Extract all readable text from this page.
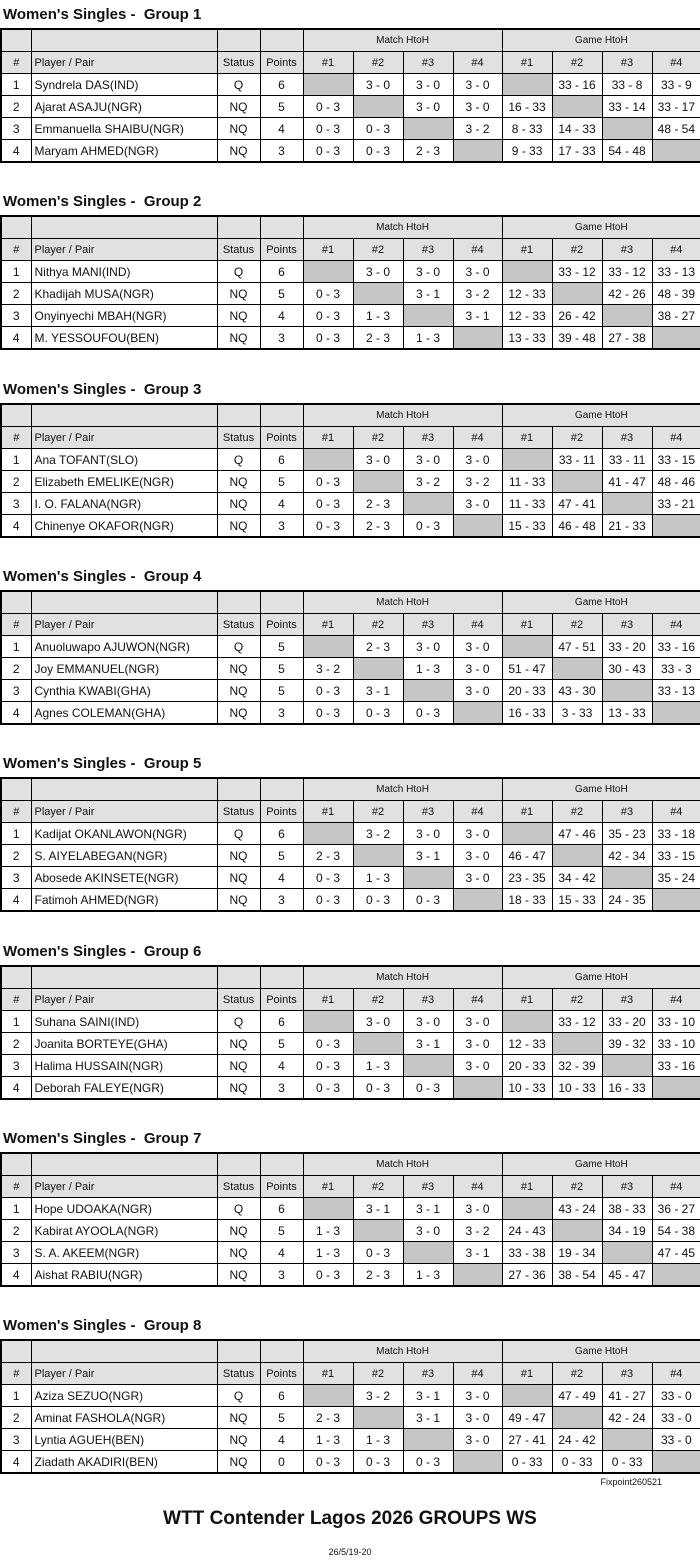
Women's Singles -  Group 1
				Match HtoH				Game HtoH			
#	Player / Pair	Status	Points	#1	#2	#3	#4	#1	#2	#3	#4
1	Syndrela DAS(IND)	Q	6		3 - 0	3 - 0	3 - 0		33 - 16	33 - 8	33 - 9
2	Ajarat ASAJU(NGR)	NQ	5	0 - 3		3 - 0	3 - 0	16 - 33		33 - 14	33 - 17
3	Emmanuella SHAIBU(NGR)	NQ	4	0 - 3	0 - 3		3 - 2	8 - 33	14 - 33		48 - 54
4	Maryam AHMED(NGR)	NQ	3	0 - 3	0 - 3	2 - 3		9 - 33	17 - 33	54 - 48	
Women's Singles -  Group 2
				Match HtoH				Game HtoH			
#	Player / Pair	Status	Points	#1	#2	#3	#4	#1	#2	#3	#4
1	Nithya MANI(IND)	Q	6		3 - 0	3 - 0	3 - 0		33 - 12	33 - 12	33 - 13
2	Khadijah MUSA(NGR)	NQ	5	0 - 3		3 - 1	3 - 2	12 - 33		42 - 26	48 - 39
3	Onyinyechi MBAH(NGR)	NQ	4	0 - 3	1 - 3		3 - 1	12 - 33	26 - 42		38 - 27
4	M. YESSOUFOU(BEN)	NQ	3	0 - 3	2 - 3	1 - 3		13 - 33	39 - 48	27 - 38	
Women's Singles -  Group 3
				Match HtoH				Game HtoH			
#	Player / Pair	Status	Points	#1	#2	#3	#4	#1	#2	#3	#4
1	Ana TOFANT(SLO)	Q	6		3 - 0	3 - 0	3 - 0		33 - 11	33 - 11	33 - 15
2	Elizabeth EMELIKE(NGR)	NQ	5	0 - 3		3 - 2	3 - 2	11 - 33		41 - 47	48 - 46
3	I. O. FALANA(NGR)	NQ	4	0 - 3	2 - 3		3 - 0	11 - 33	47 - 41		33 - 21
4	Chinenye OKAFOR(NGR)	NQ	3	0 - 3	2 - 3	0 - 3		15 - 33	46 - 48	21 - 33	
Women's Singles -  Group 4
				Match HtoH				Game HtoH			
#	Player / Pair	Status	Points	#1	#2	#3	#4	#1	#2	#3	#4
1	Anuoluwapo AJUWON(NGR)	Q	5		2 - 3	3 - 0	3 - 0		47 - 51	33 - 20	33 - 16
2	Joy EMMANUEL(NGR)	NQ	5	3 - 2		1 - 3	3 - 0	51 - 47		30 - 43	33 - 3
3	Cynthia KWABI(GHA)	NQ	5	0 - 3	3 - 1		3 - 0	20 - 33	43 - 30		33 - 13
4	Agnes COLEMAN(GHA)	NQ	3	0 - 3	0 - 3	0 - 3		16 - 33	3 - 33	13 - 33	
Women's Singles -  Group 5
				Match HtoH				Game HtoH			
#	Player / Pair	Status	Points	#1	#2	#3	#4	#1	#2	#3	#4
1	Kadijat OKANLAWON(NGR)	Q	6		3 - 2	3 - 0	3 - 0		47 - 46	35 - 23	33 - 18
2	S. AIYELABEGAN(NGR)	NQ	5	2 - 3		3 - 1	3 - 0	46 - 47		42 - 34	33 - 15
3	Abosede AKINSETE(NGR)	NQ	4	0 - 3	1 - 3		3 - 0	23 - 35	34 - 42		35 - 24
4	Fatimoh AHMED(NGR)	NQ	3	0 - 3	0 - 3	0 - 3		18 - 33	15 - 33	24 - 35	
Women's Singles -  Group 6
				Match HtoH				Game HtoH			
#	Player / Pair	Status	Points	#1	#2	#3	#4	#1	#2	#3	#4
1	Suhana SAINI(IND)	Q	6		3 - 0	3 - 0	3 - 0		33 - 12	33 - 20	33 - 10
2	Joanita BORTEYE(GHA)	NQ	5	0 - 3		3 - 1	3 - 0	12 - 33		39 - 32	33 - 10
3	Halima HUSSAIN(NGR)	NQ	4	0 - 3	1 - 3		3 - 0	20 - 33	32 - 39		33 - 16
4	Deborah FALEYE(NGR)	NQ	3	0 - 3	0 - 3	0 - 3		10 - 33	10 - 33	16 - 33	
Women's Singles -  Group 7
				Match HtoH				Game HtoH			
#	Player / Pair	Status	Points	#1	#2	#3	#4	#1	#2	#3	#4
1	Hope UDOAKA(NGR)	Q	6		3 - 1	3 - 1	3 - 0		43 - 24	38 - 33	36 - 27
2	Kabirat AYOOLA(NGR)	NQ	5	1 - 3		3 - 0	3 - 2	24 - 43		34 - 19	54 - 38
3	S. A. AKEEM(NGR)	NQ	4	1 - 3	0 - 3		3 - 1	33 - 38	19 - 34		47 - 45
4	Aishat RABIU(NGR)	NQ	3	0 - 3	2 - 3	1 - 3		27 - 36	38 - 54	45 - 47	
Women's Singles -  Group 8
				Match HtoH				Game HtoH			
#	Player / Pair	Status	Points	#1	#2	#3	#4	#1	#2	#3	#4
1	Aziza SEZUO(NGR)	Q	6		3 - 2	3 - 1	3 - 0		47 - 49	41 - 27	33 - 0
2	Aminat FASHOLA(NGR)	NQ	5	2 - 3		3 - 1	3 - 0	49 - 47		42 - 24	33 - 0
3	Lyntia AGUEH(BEN)	NQ	4	1 - 3	1 - 3		3 - 0	27 - 41	24 - 42		33 - 0
4	Ziadath AKADIRI(BEN)	NQ	0	0 - 3	0 - 3	0 - 3		0 - 33	0 - 33	0 - 33	
Fixpoint260521
WTT Contender Lagos 2026 GROUPS WS
26/5/19-20
